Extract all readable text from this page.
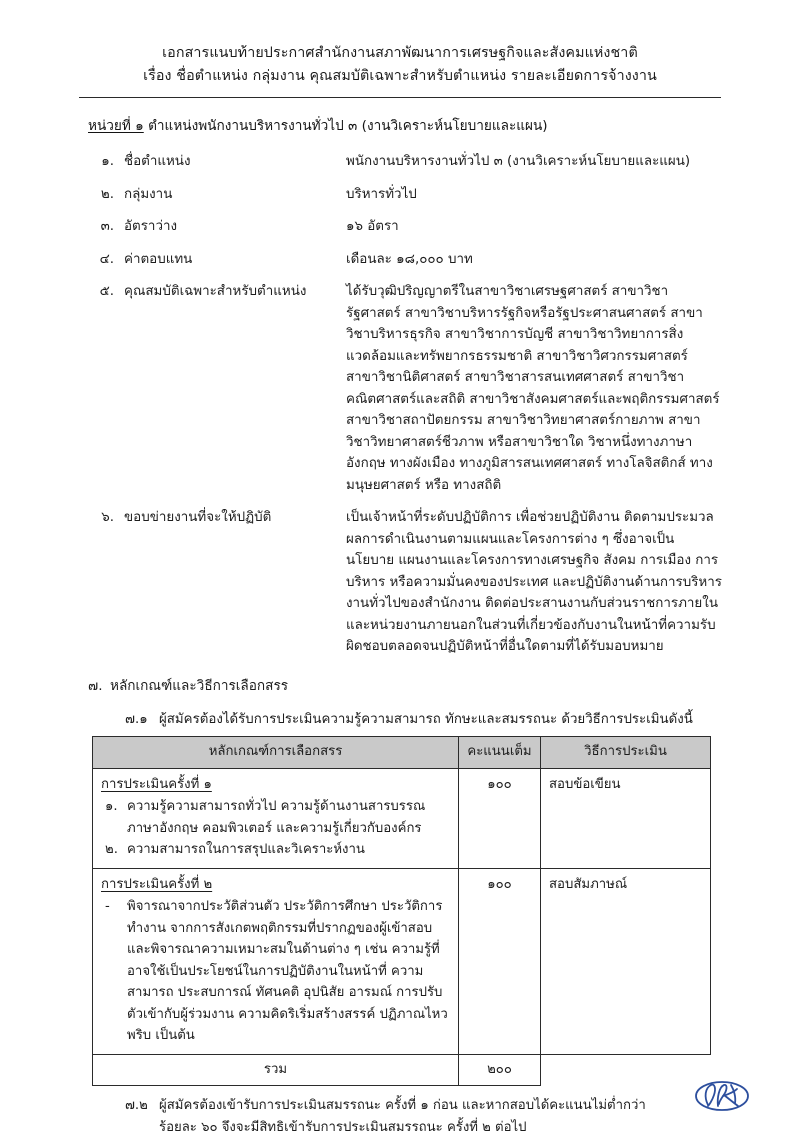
เอกสารแนบท้ายประกาศสำนักงานสภาพัฒนาการเศรษฐกิจและสังคมแห่งชาติ
เรื่อง ชื่อตำแหน่ง กลุ่มงาน คุณสมบัติเฉพาะสำหรับตำแหน่ง รายละเอียดการจ้างงาน
หน่วยที่ ๑ ตำแหน่งพนักงานบริหารงานทั่วไป ๓ (งานวิเคราะห์นโยบายและแผน)
๑. ชื่อตำแหน่ง	พนักงานบริหารงานทั่วไป ๓ (งานวิเคราะห์นโยบายและแผน)
๒. กลุ่มงาน	บริหารทั่วไป
๓. อัตราว่าง	๑๖ อัตรา
๔. ค่าตอบแทน	เดือนละ ๑๘,๐๐๐ บาท
๕. คุณสมบัติเฉพาะสำหรับตำแหน่ง	ได้รับวุฒิปริญญาตรีในสาขาวิชาเศรษฐศาสตร์ สาขาวิชารัฐศาสตร์ สาขาวิชาบริหารรัฐกิจหรือรัฐประศาสนศาสตร์ สาขาวิชาบริหารธุรกิจ สาขาวิชาการบัญชี สาขาวิชาวิทยาการสิ่งแวดล้อมและทรัพยากรธรรมชาติ สาขาวิชาวิศวกรรมศาสตร์ สาขาวิชานิติศาสตร์ สาขาวิชาสารสนเทศศาสตร์ สาขาวิชาคณิตศาสตร์และสถิติ สาขาวิชาสังคมศาสตร์และพฤติกรรมศาสตร์ สาขาวิชาสถาปัตยกรรม สาขาวิชาวิทยาศาสตร์กายภาพ สาขาวิชาวิทยาศาสตร์ชีวภาพ หรือสาขาวิชาใด วิชาหนึ่งทางภาษาอังกฤษ ทางผังเมือง ทางภูมิสารสนเทศศาสตร์ ทางโลจิสติกส์ ทางมนุษยศาสตร์ หรือ ทางสถิติ
๖. ขอบข่ายงานที่จะให้ปฏิบัติ	เป็นเจ้าหน้าที่ระดับปฏิบัติการ เพื่อช่วยปฏิบัติงาน ติดตามประมวลผลการดำเนินงานตามแผนและโครงการต่าง ๆ ซึ่งอาจเป็นนโยบาย แผนงานและโครงการทางเศรษฐกิจ สังคม การเมือง การบริหาร หรือความมั่นคงของประเทศ และปฏิบัติงานด้านการบริหารงานทั่วไปของสำนักงาน ติดต่อประสานงานกับส่วนราชการภายใน และหน่วยงานภายนอกในส่วนที่เกี่ยวข้องกับงานในหน้าที่ความรับผิดชอบตลอดจนปฏิบัติหน้าที่อื่นใดตามที่ได้รับมอบหมาย
๗. หลักเกณฑ์และวิธีการเลือกสรร
๗.๑ ผู้สมัครต้องได้รับการประเมินความรู้ความสามารถ ทักษะและสมรรถนะ ด้วยวิธีการประเมินดังนี้
หลักเกณฑ์การเลือกสรร	คะแนนเต็ม	วิธีการประเมิน

การประเมินครั้งที่ ๑
๑. ความรู้ความสามารถทั่วไป ความรู้ด้านงานสารบรรณ ภาษาอังกฤษ คอมพิวเตอร์ และความรู้เกี่ยวกับองค์กร
๒. ความสามารถในการสรุปและวิเคราะห์งาน
	๑๐๐	สอบข้อเขียน

การประเมินครั้งที่ ๒
-	พิจารณาจากประวัติส่วนตัว ประวัติการศึกษา ประวัติการทำงาน จากการสังเกตพฤติกรรมที่ปรากฏของผู้เข้าสอบ และพิจารณาความเหมาะสมในด้านต่าง ๆ เช่น ความรู้ที่อาจใช้เป็นประโยชน์ในการปฏิบัติงานในหน้าที่ ความสามารถ ประสบการณ์ ทัศนคติ อุปนิสัย อารมณ์ การปรับตัวเข้ากับผู้ร่วมงาน ความคิดริเริ่มสร้างสรรค์ ปฏิภาณไหวพริบ เป็นต้น
	๑๐๐	สอบสัมภาษณ์
รวม	๒๐๐	
๗.๒ ผู้สมัครต้องเข้ารับการประเมินสมรรถนะ ครั้งที่ ๑ ก่อน และหากสอบได้คะแนนไม่ต่ำกว่า
ร้อยละ ๖๐ จึงจะมีสิทธิเข้ารับการประเมินสมรรถนะ ครั้งที่ ๒ ต่อไป
